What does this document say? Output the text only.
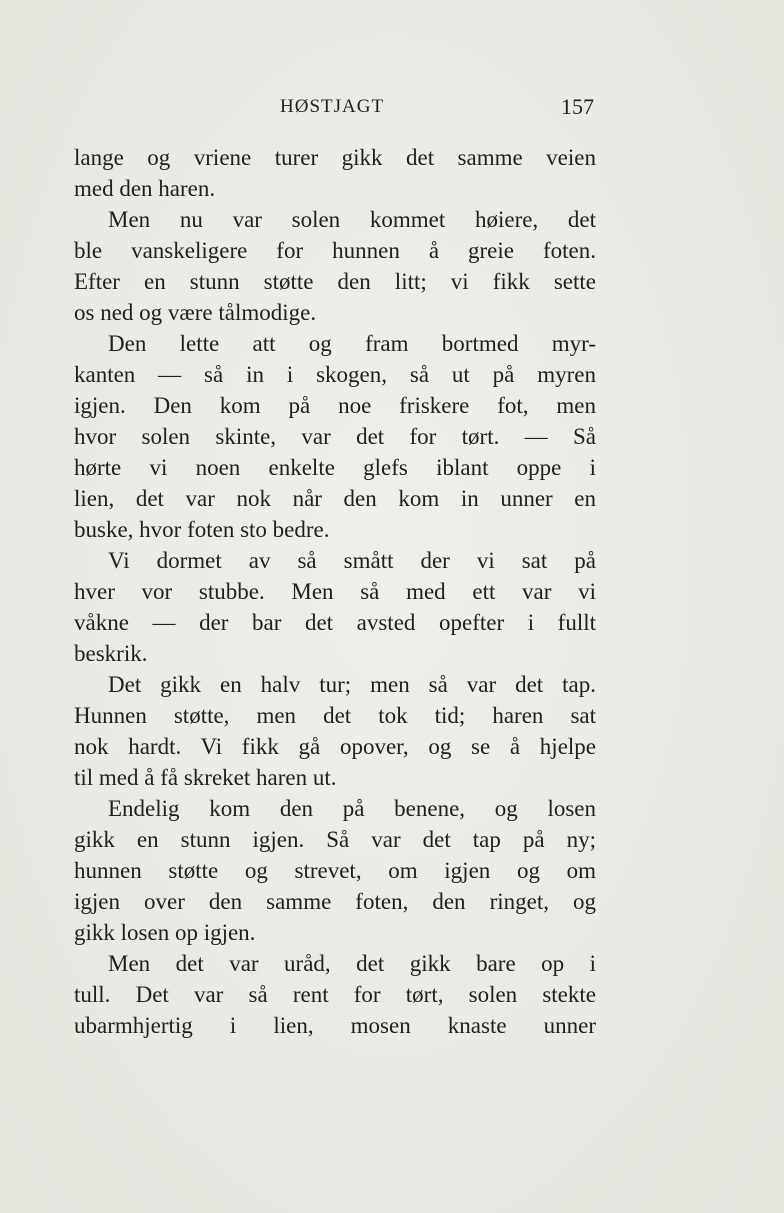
HØSTJAGT	157
lange og vriene turer gikk det samme veien
med den haren.
Men nu var solen kommet høiere, det
ble vanskeligere for hunnen å greie foten.
Efter en stunn støtte den litt; vi fikk sette
os ned og være tålmodige.
Den lette att og fram bortmed myr-
kanten — så in i skogen, så ut på myren
igjen. Den kom på noe friskere fot, men
hvor solen skinte, var det for tørt. — Så
hørte vi noen enkelte glefs iblant oppe i
lien, det var nok når den kom in unner en
buske, hvor foten sto bedre.
Vi dormet av så smått der vi sat på
hver vor stubbe. Men så med ett var vi
våkne — der bar det avsted opefter i fullt
beskrik.
Det gikk en halv tur; men så var det tap.
Hunnen støtte, men det tok tid; haren sat
nok hardt. Vi fikk gå opover, og se å hjelpe
til med å få skreket haren ut.
Endelig kom den på benene, og losen
gikk en stunn igjen. Så var det tap på ny;
hunnen støtte og strevet, om igjen og om
igjen over den samme foten, den ringet, og
gikk losen op igjen.
Men det var uråd, det gikk bare op i
tull. Det var så rent for tørt, solen stekte
ubarmhjertig i lien, mosen knaste unner
